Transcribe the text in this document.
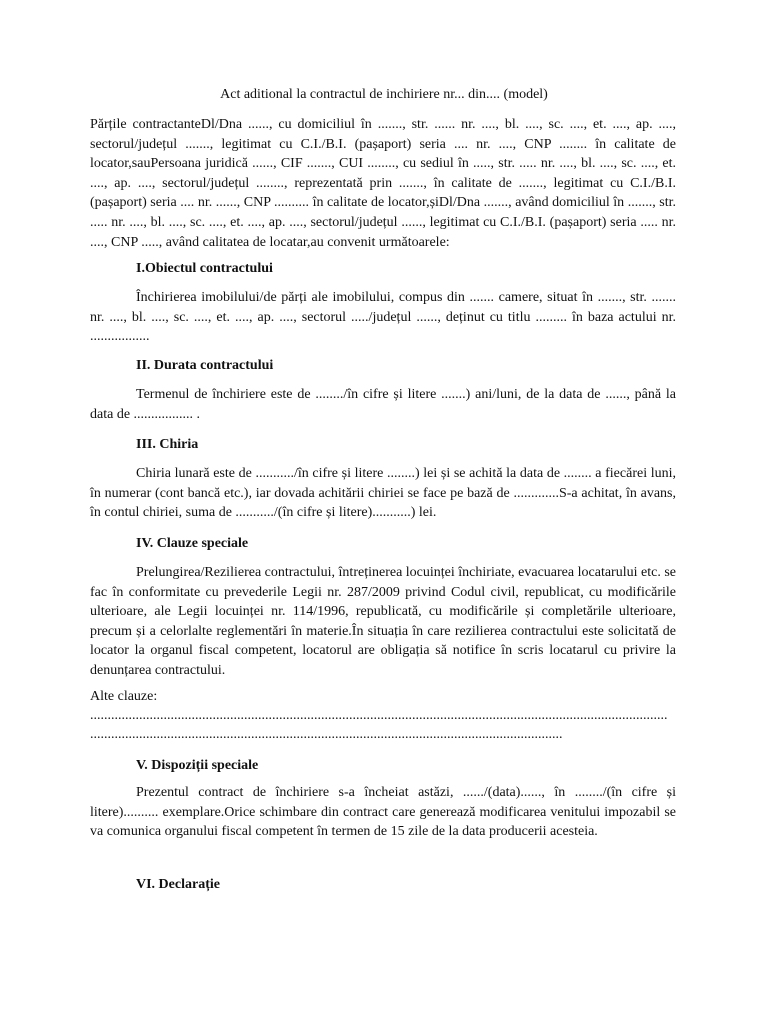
Act aditional la contractul de inchiriere nr... din.... (model)

Părțile contractanteDl/Dna ......, cu domiciliul în ......., str. ...... nr. ...., bl. ...., sc. ...., et. ...., ap. ...., sectorul/județul ......., legitimat cu C.I./B.I. (pașaport) seria .... nr. ...., CNP ........ în calitate de locator,sauPersoana juridică ......, CIF ......., CUI ........, cu sediul în ....., str. ..... nr. ...., bl. ...., sc. ...., et. ...., ap. ...., sectorul/județul ........, reprezentată prin ......., în calitate de ......., legitimat cu C.I./B.I. (pașaport) seria .... nr. ......, CNP .......... în calitate de locator,șiDl/Dna ......., având domiciliul în ......., str. ..... nr. ...., bl. ...., sc. ...., et. ...., ap. ...., sectorul/județul ......, legitimat cu C.I./B.I. (pașaport) seria ..... nr. ...., CNP ....., având calitatea de locatar,au convenit următoarele:

I.Obiectul contractului

Închirierea imobilului/de părți ale imobilului, compus din ....... camere, situat în ......., str. ....... nr. ...., bl. ...., sc. ...., et. ...., ap. ...., sectorul ...../județul ......, deținut cu titlu ......... în baza actului nr. .................

II. Durata contractului

Termenul de închiriere este de ......../în cifre și litere .......) ani/luni, de la data de ......, până la data de ................. .

III. Chiria

Chiria lunară este de .........../în cifre și litere ........) lei și se achită la data de ........ a fiecărei luni, în numerar (cont bancă etc.), iar dovada achitării chiriei se face pe bază de .............S-a achitat, în avans, în contul chiriei, suma de .........../(în cifre și litere)...........) lei.

IV. Clauze speciale

Prelungirea/Rezilierea contractului, întreținerea locuinței închiriate, evacuarea locatarului etc. se fac în conformitate cu prevederile Legii nr. 287/2009 privind Codul civil, republicat, cu modificările ulterioare, ale Legii locuinței nr. 114/1996, republicată, cu modificările și completările ulterioare, precum și a celorlalte reglementări în materie.În situația în care rezilierea contractului este solicitată de locator la organul fiscal competent, locatorul are obligația să notifice în scris locatarul cu privire la denunțarea contractului.

Alte clauze:

.....................................................................................................................................................................

.......................................................................................................................................

V. Dispoziții speciale

Prezentul contract de închiriere s-a încheiat astăzi, ....../(data)......, în ......../(în cifre și litere).......... exemplare.Orice schimbare din contract care generează modificarea venitului impozabil se va comunica organului fiscal competent în termen de 15 zile de la data producerii acesteia.

VI. Declarație
